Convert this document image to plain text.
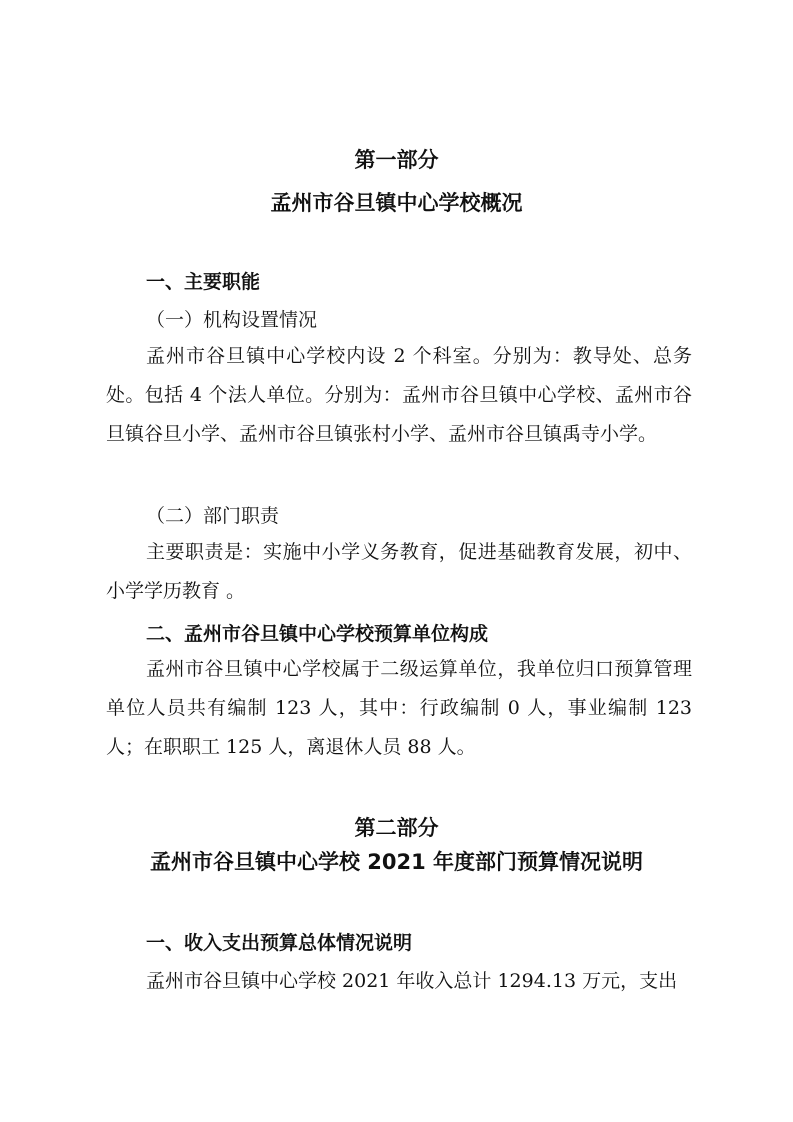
第一部分
孟州市谷旦镇中心学校概况
一、主要职能
（一）机构设置情况

孟州市谷旦镇中心学校内设 2 个科室。分别为：教导处、总务处。包括 4 个法人单位。分别为：孟州市谷旦镇中心学校、孟州市谷旦镇谷旦小学、孟州市谷旦镇张村小学、孟州市谷旦镇禹寺小学。

（二）部门职责

主要职责是：实施中小学义务教育，促进基础教育发展，初中、小学学历教育 。

二、孟州市谷旦镇中心学校预算单位构成

孟州市谷旦镇中心学校属于二级运算单位，我单位归口预算管理单位人员共有编制 123 人，其中：行政编制 0 人，事业编制 123 人；在职职工 125 人，离退休人员 88 人。

第二部分
孟州市谷旦镇中心学校 2021 年度部门预算情况说明
一、收入支出预算总体情况说明

孟州市谷旦镇中心学校 2021 年收入总计 1294.13 万元，支出
